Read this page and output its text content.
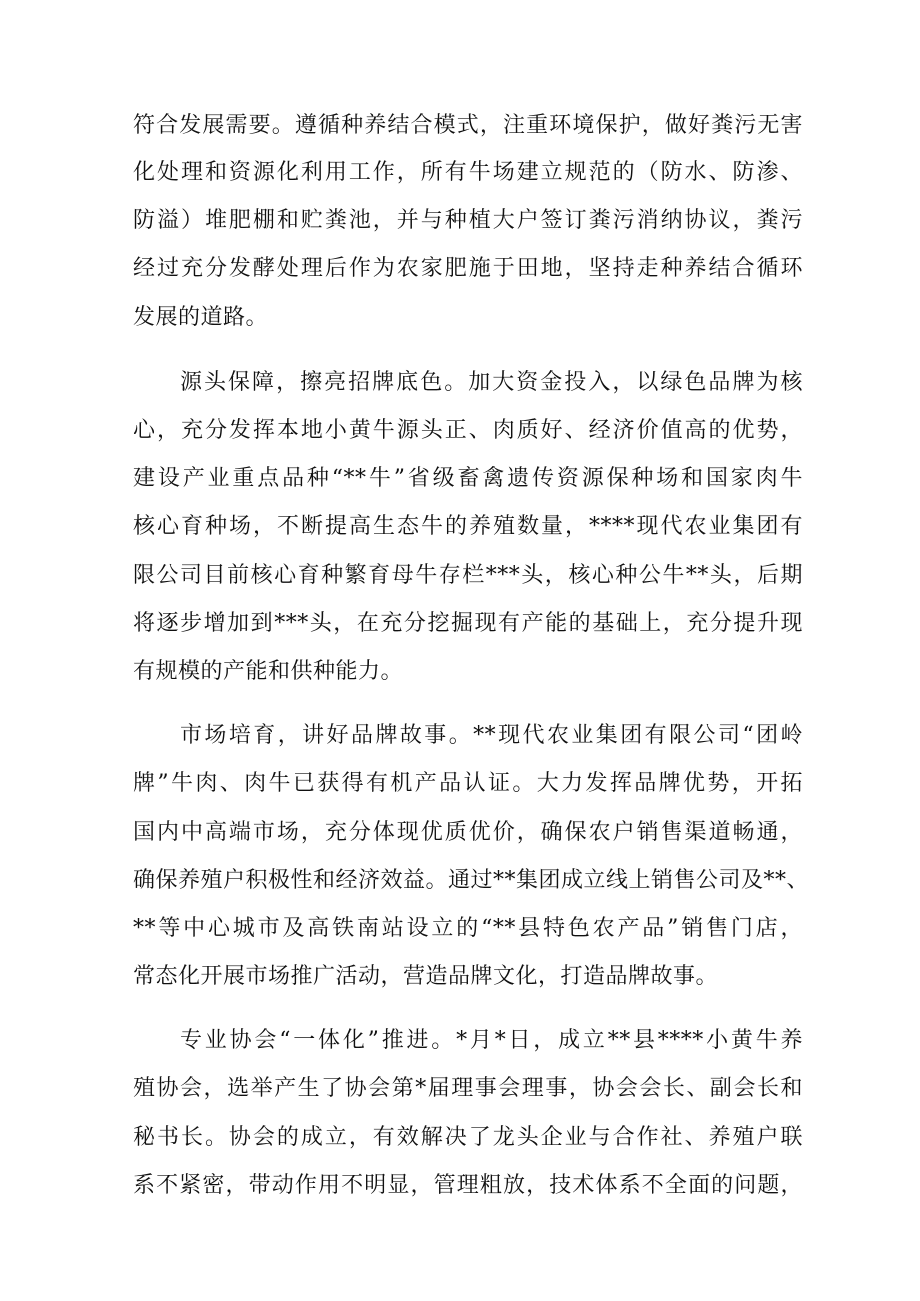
符合发展需要。遵循种养结合模式，注重环境保护，做好粪污无害
化处理和资源化利用工作，所有牛场建立规范的（防水、防渗、
防溢）堆肥棚和贮粪池，并与种植大户签订粪污消纳协议，粪污
经过充分发酵处理后作为农家肥施于田地，坚持走种养结合循环
发展的道路。
源头保障，擦亮招牌底色。加大资金投入，以绿色品牌为核
心，充分发挥本地小黄牛源头正、肉质好、经济价值高的优势，
建设产业重点品种“**牛”省级畜禽遗传资源保种场和国家肉牛
核心育种场，不断提高生态牛的养殖数量，****现代农业集团有
限公司目前核心育种繁育母牛存栏***头，核心种公牛**头，后期
将逐步增加到***头，在充分挖掘现有产能的基础上，充分提升现
有规模的产能和供种能力。
市场培育，讲好品牌故事。**现代农业集团有限公司“团岭
牌”牛肉、肉牛已获得有机产品认证。大力发挥品牌优势，开拓
国内中高端市场，充分体现优质优价，确保农户销售渠道畅通，
确保养殖户积极性和经济效益。通过**集团成立线上销售公司及**、
**等中心城市及高铁南站设立的“**县特色农产品”销售门店，
常态化开展市场推广活动，营造品牌文化，打造品牌故事。
专业协会“一体化”推进。*月*日，成立**县****小黄牛养
殖协会，选举产生了协会第*届理事会理事，协会会长、副会长和
秘书长。协会的成立，有效解决了龙头企业与合作社、养殖户联
系不紧密，带动作用不明显，管理粗放，技术体系不全面的问题，
